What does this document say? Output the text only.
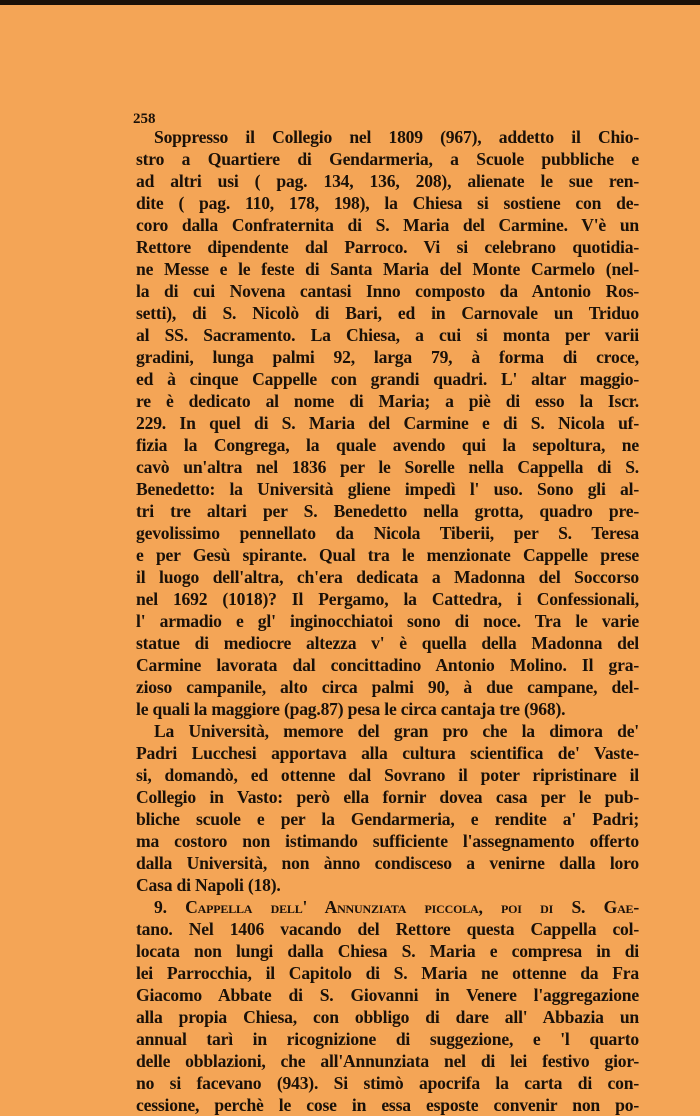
258
Soppresso il Collegio nel 1809 (967), addetto il Chio-
stro a Quartiere di Gendarmeria, a Scuole pubbliche e
ad altri usi ( pag. 134, 136, 208), alienate le sue ren-
dite ( pag. 110, 178, 198), la Chiesa si sostiene con de-
coro dalla Confraternita di S. Maria del Carmine. V'è un
Rettore dipendente dal Parroco. Vi si celebrano quotidia-
ne Messe e le feste di Santa Maria del Monte Carmelo (nel-
la di cui Novena cantasi Inno composto da Antonio Ros-
setti), di S. Nicolò di Bari, ed in Carnovale un Triduo
al SS. Sacramento. La Chiesa, a cui si monta per varii
gradini, lunga palmi 92, larga 79, à forma di croce,
ed à cinque Cappelle con grandi quadri. L' altar maggio-
re è dedicato al nome di Maria; a piè di esso la Iscr.
229. In quel di S. Maria del Carmine e di S. Nicola uf-
fizia la Congrega, la quale avendo qui la sepoltura, ne
cavò un'altra nel 1836 per le Sorelle nella Cappella di S.
Benedetto: la Università gliene impedì l' uso. Sono gli al-
tri tre altari per S. Benedetto nella grotta, quadro pre-
gevolissimo pennellato da Nicola Tiberii, per S. Teresa
e per Gesù spirante. Qual tra le menzionate Cappelle prese
il luogo dell'altra, ch'era dedicata a Madonna del Soccorso
nel 1692 (1018)? Il Pergamo, la Cattedra, i Confessionali,
l' armadio e gl' inginocchiatoi sono di noce. Tra le varie
statue di mediocre altezza v' è quella della Madonna del
Carmine lavorata dal concittadino Antonio Molino. Il gra-
zioso campanile, alto circa palmi 90, à due campane, del-
le quali la maggiore (pag.87) pesa le circa cantaja tre (968).
La Università, memore del gran pro che la dimora de'
Padri Lucchesi apportava alla cultura scientifica de' Vaste-
si, domandò, ed ottenne dal Sovrano il poter ripristinare il
Collegio in Vasto: però ella fornir dovea casa per le pub-
bliche scuole e per la Gendarmeria, e rendite a' Padri;
ma costoro non istimando sufficiente l'assegnamento offerto
dalla Università, non ànno condisceso a venirne dalla loro
Casa di Napoli (18).
9. Cappella dell' Annunziata piccola, poi di S. Gae-
tano. Nel 1406 vacando del Rettore questa Cappella col-
locata non lungi dalla Chiesa S. Maria e compresa in di
lei Parrocchia, il Capitolo di S. Maria ne ottenne da Fra
Giacomo Abbate di S. Giovanni in Venere l'aggregazione
alla propia Chiesa, con obbligo di dare all' Abbazia un
annual tarì in ricognizione di suggezione, e 'l quarto
delle obblazioni, che all'Annunziata nel di lei festivo gior-
no si facevano (943). Si stimò apocrifa la carta di con-
cessione, perchè le cose in essa esposte convenir non po-
